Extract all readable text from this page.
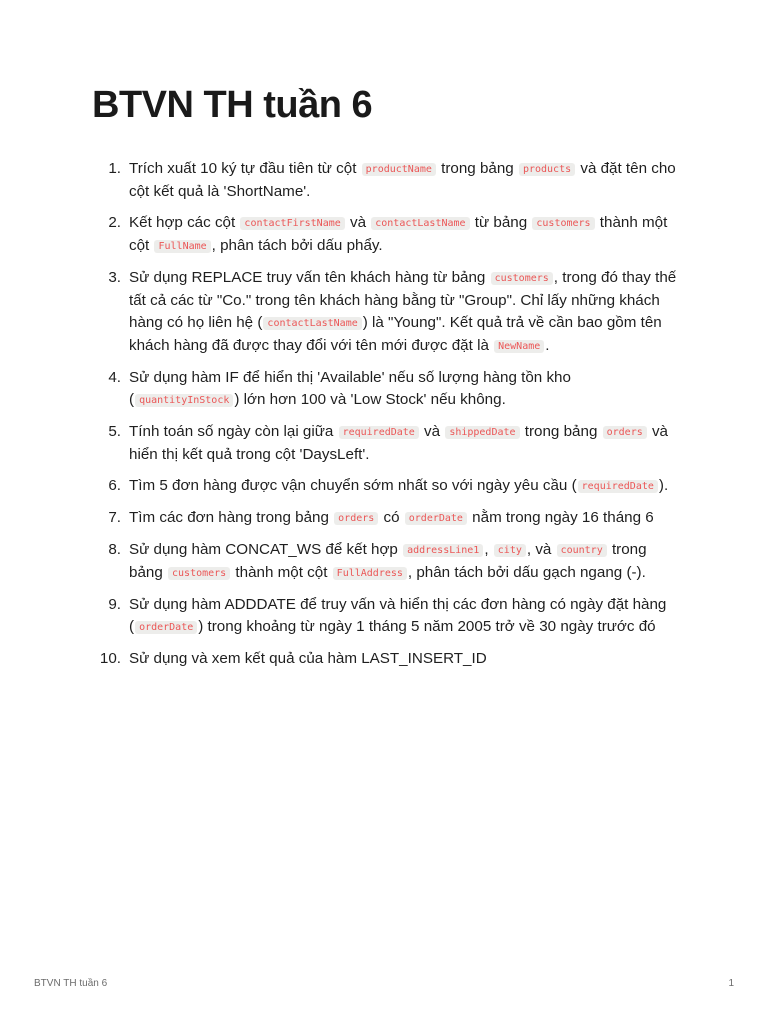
BTVN TH tuần 6
1. Trích xuất 10 ký tự đầu tiên từ cột productName trong bảng products và đặt tên cho cột kết quả là 'ShortName'.
2. Kết hợp các cột contactFirstName và contactLastName từ bảng customers thành một cột FullName , phân tách bởi dấu phẩy.
3. Sử dụng REPLACE truy vấn tên khách hàng từ bảng customers , trong đó thay thế tất cả các từ "Co." trong tên khách hàng bằng từ "Group". Chỉ lấy những khách hàng có họ liên hệ ( contactLastName ) là "Young". Kết quả trả về cần bao gồm tên khách hàng đã được thay đổi với tên mới được đặt là NewName .
4. Sử dụng hàm IF để hiển thị 'Available' nếu số lượng hàng tồn kho ( quantityInStock ) lớn hơn 100 và 'Low Stock' nếu không.
5. Tính toán số ngày còn lại giữa requiredDate và shippedDate trong bảng orders và hiển thị kết quả trong cột 'DaysLeft'.
6. Tìm 5 đơn hàng được vận chuyển sớm nhất so với ngày yêu cầu ( requiredDate ).
7. Tìm các đơn hàng trong bảng orders có orderDate nằm trong ngày 16 tháng 6
8. Sử dụng hàm CONCAT_WS để kết hợp addressLine1 , city , và country trong bảng customers thành một cột FullAddress , phân tách bởi dấu gạch ngang (-).
9. Sử dụng hàm ADDDATE để truy vấn và hiển thị các đơn hàng có ngày đặt hàng ( orderDate ) trong khoảng từ ngày 1 tháng 5 năm 2005 trở về 30 ngày trước đó
10. Sử dụng và xem kết quả của hàm LAST_INSERT_ID
BTVN TH tuần 6	1
